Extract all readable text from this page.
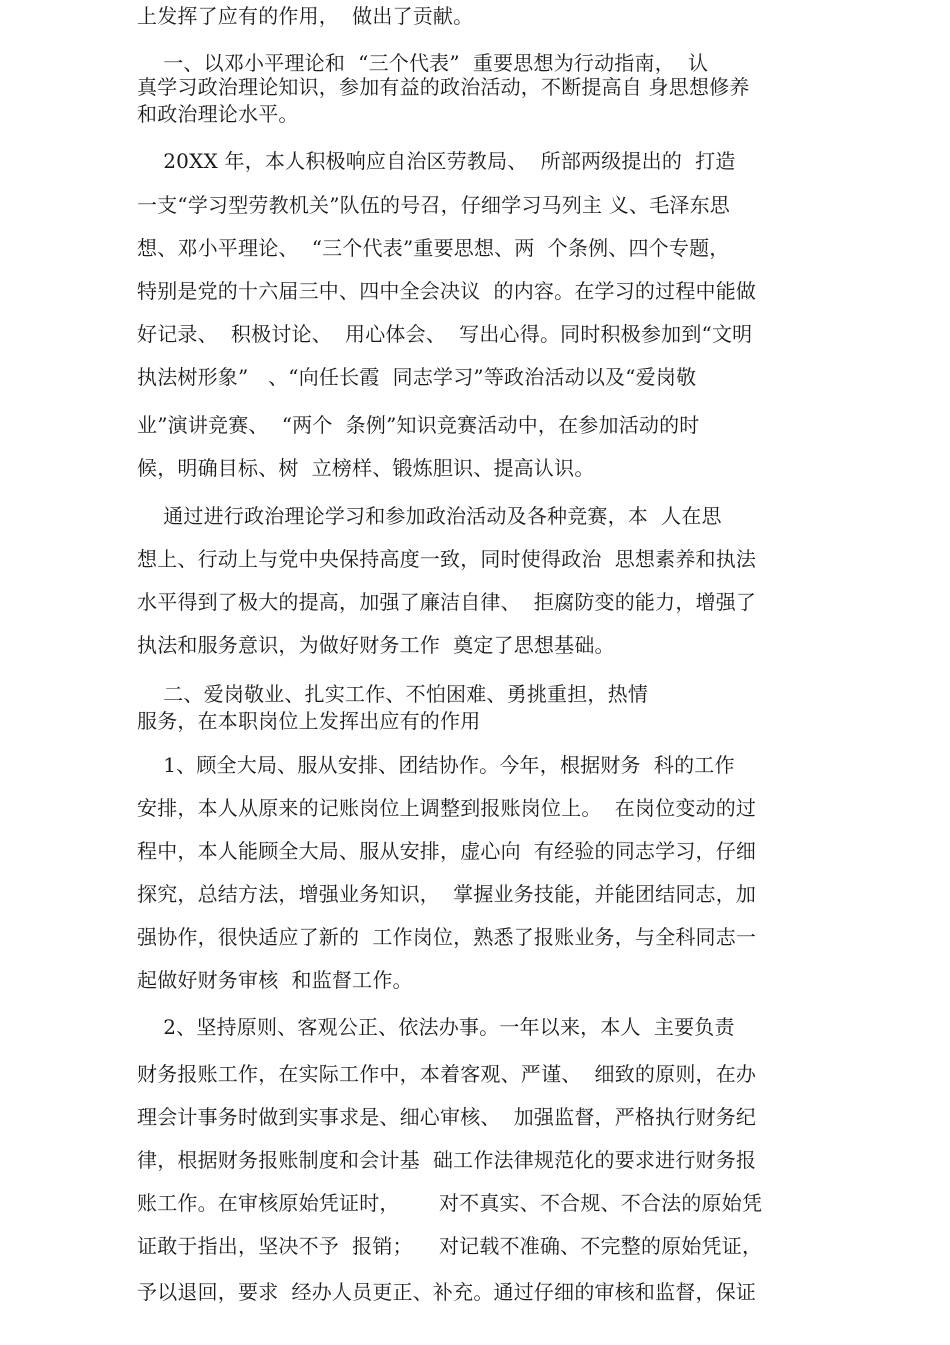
上发挥了应有的作用，  做出了贡献。
一、以邓小平理论和  “三个代表”  重要思想为行动指南，  认
真学习政治理论知识，参加有益的政治活动，不断提高自 身思想修养
和政治理论水平。
20XX 年，本人积极响应自治区劳教局、  所部两级提出的  打造
一支“学习型劳教机关”队伍的号召，仔细学习马列主 义、毛泽东思
想、邓小平理论、  “三个代表”重要思想、两  个条例、四个专题，
特别是党的十六届三中、四中全会决议  的内容。在学习的过程中能做
好记录、  积极讨论、  用心体会、  写出心得。同时积极参加到“文明
执法树形象”   、“向任长霞  同志学习”等政治活动以及“爱岗敬
业”演讲竞赛、  “两个  条例”知识竞赛活动中，在参加活动的时
候，明确目标、树  立榜样、锻炼胆识、提高认识。
通过进行政治理论学习和参加政治活动及各种竞赛，本  人在思
想上、行动上与党中央保持高度一致，同时使得政治  思想素养和执法
水平得到了极大的提高，加强了廉洁自律、  拒腐防变的能力，增强了
执法和服务意识，为做好财务工作  奠定了思想基础。
二、爱岗敬业、扎实工作、不怕困难、勇挑重担，热情
服务，在本职岗位上发挥出应有的作用
1、顾全大局、服从安排、团结协作。今年，根据财务  科的工作
安排，本人从原来的记账岗位上调整到报账岗位上。  在岗位变动的过
程中，本人能顾全大局、服从安排，虚心向  有经验的同志学习，仔细
探究，总结方法，增强业务知识，  掌握业务技能，并能团结同志，加
强协作，很快适应了新的  工作岗位，熟悉了报账业务，与全科同志一
起做好财务审核  和监督工作。
2、坚持原则、客观公正、依法办事。一年以来，本人  主要负责
财务报账工作，在实际工作中，本着客观、严谨、  细致的原则，在办
理会计事务时做到实事求是、细心审核、  加强监督，严格执行财务纪
律，根据财务报账制度和会计基  础工作法律规范化的要求进行财务报
账工作。在审核原始凭证时，      对不真实、不合规、不合法的原始凭
证敢于指出，坚决不予  报销；    对记载不准确、不完整的原始凭证，
予以退回，要求  经办人员更正、补充。通过仔细的审核和监督，保证
